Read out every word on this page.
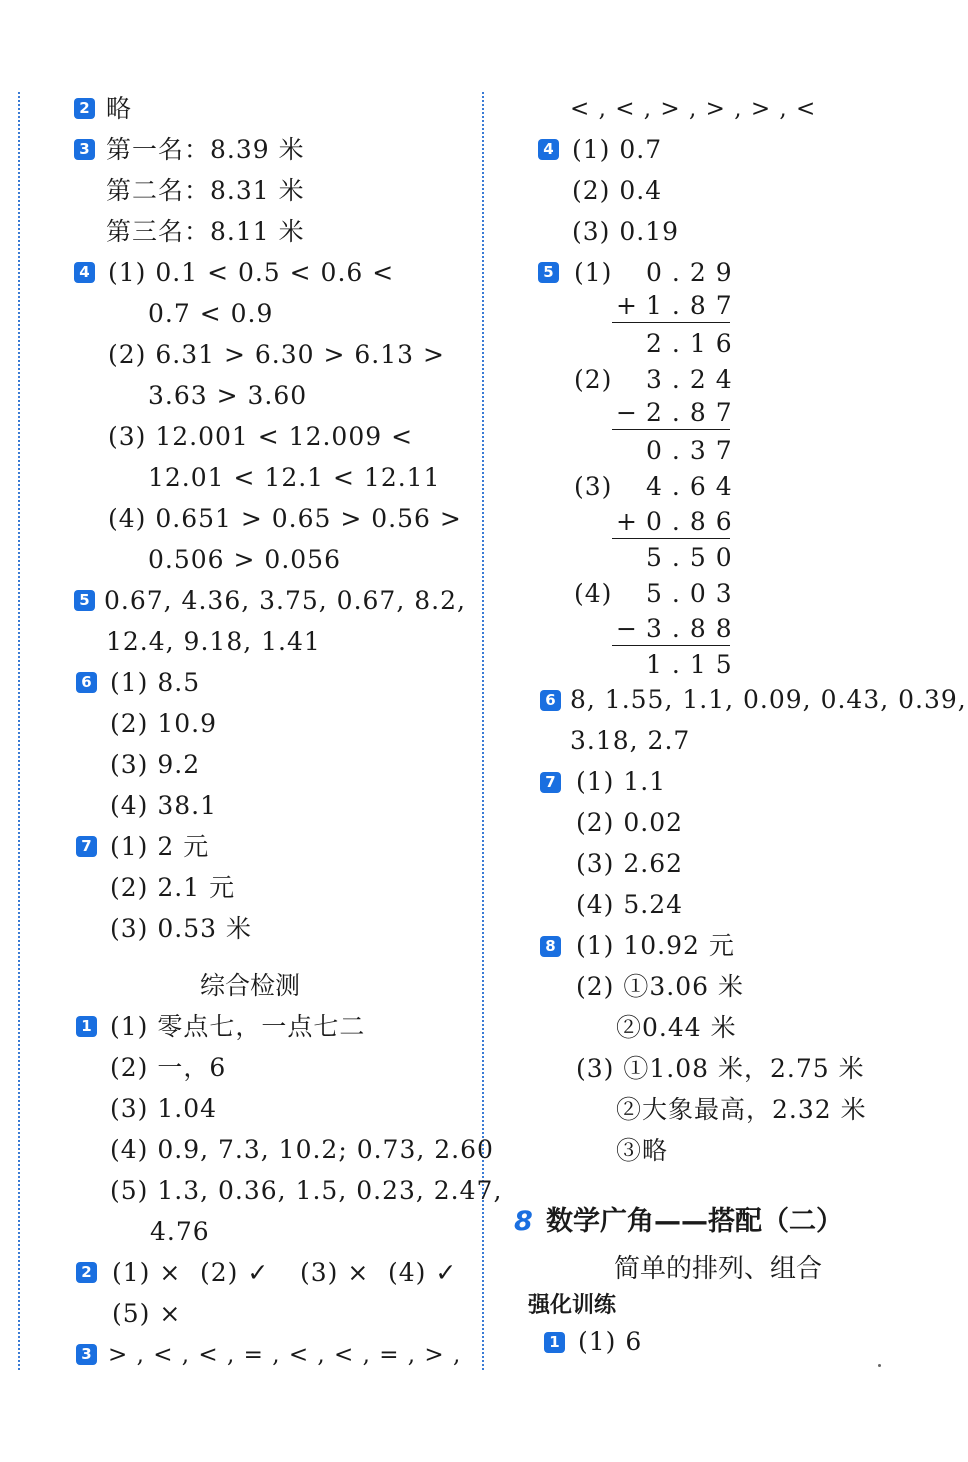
2 略
3 第一名：8.39 米
第二名：8.31 米
第三名：8.11 米
4 (1) 0.1 < 0.5 < 0.6 <
0.7 < 0.9
(2) 6.31 > 6.30 > 6.13 >
3.63 > 3.60
(3) 12.001 < 12.009 <
12.01 < 12.1 < 12.11
(4) 0.651 > 0.65 > 0.56 >
0.506 > 0.056
5 0.67, 4.36, 3.75, 0.67, 8.2,
12.4, 9.18, 1.41
6 (1) 8.5
(2) 10.9
(3) 9.2
(4) 38.1
7 (1) 2 元
(2) 2.1 元
(3) 0.53 米
综合检测
1 (1) 零点七，一点七二
(2) 一，6
(3) 1.04
(4) 0.9, 7.3, 10.2; 0.73, 2.60
(5) 1.3, 0.36, 1.5, 0.23, 2.47,
4.76
2 (1) × (2) ✓ (3) × (4) ✓
(5) ×
3 > , < , < , = , < , < , = , > ,
< , < , > , > , > , <
4 (1) 0.7
(2) 0.4
(3) 0.19
5 (1) 0.29
+ 1.87
2.16
(2) 3.24
− 2.87
0.37
(3) 4.64
+ 0.86
5.50
(4) 5.03
− 3.88
1.15
6 8, 1.55, 1.1, 0.09, 0.43, 0.39,
3.18, 2.7
7 (1) 1.1
(2) 0.02
(3) 2.62
(4) 5.24
8 (1) 10.92 元
(2) ①3.06 米
②0.44 米
(3) ①1.08 米，2.75 米
②大象最高，2.32 米
③略
8 数学广角——搭配（二）
简单的排列、组合
强化训练
1 (1) 6
